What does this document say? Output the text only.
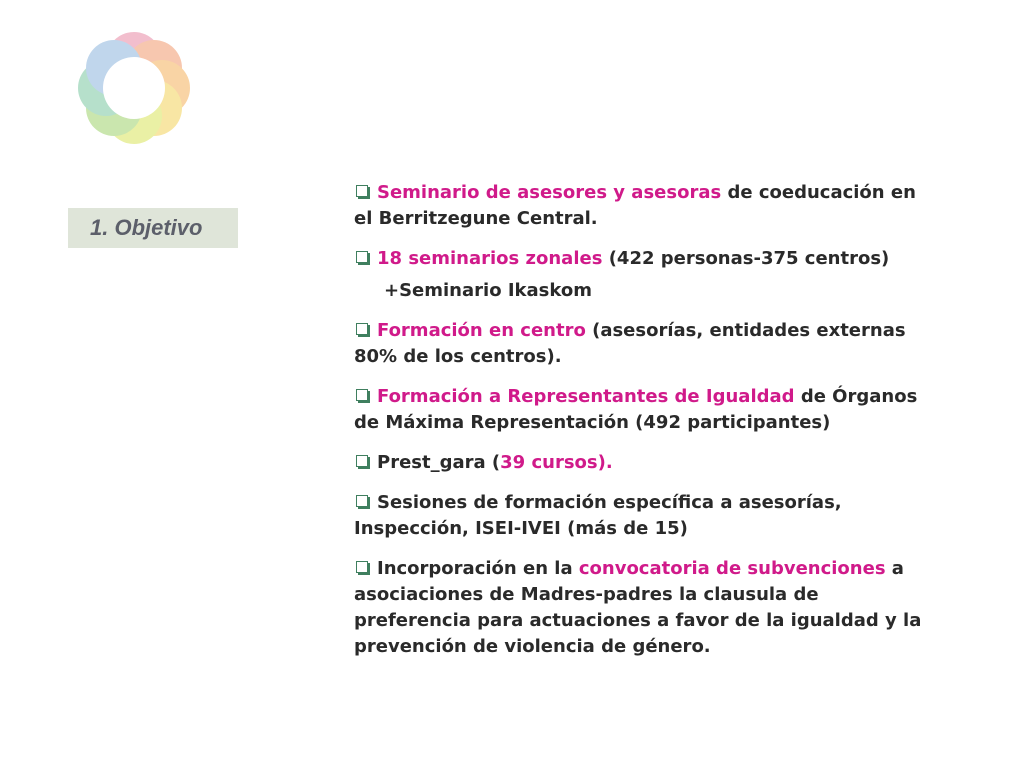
1. Objetivo
Seminario de asesores y asesoras de coeducación en el Berritzegune Central.
18 seminarios zonales (422 personas-375 centros)
+Seminario Ikaskom
Formación en centro (asesorías, entidades externas 80% de los centros).
Formación a Representantes de Igualdad de Órganos de Máxima Representación (492 participantes)
Prest_gara (39 cursos).
Sesiones de formación específica a asesorías, Inspección, ISEI-IVEI (más de 15)
Incorporación en la convocatoria de subvenciones a asociaciones de Madres-padres la clausula de preferencia para actuaciones a favor de la igualdad y la prevención de violencia de género.
